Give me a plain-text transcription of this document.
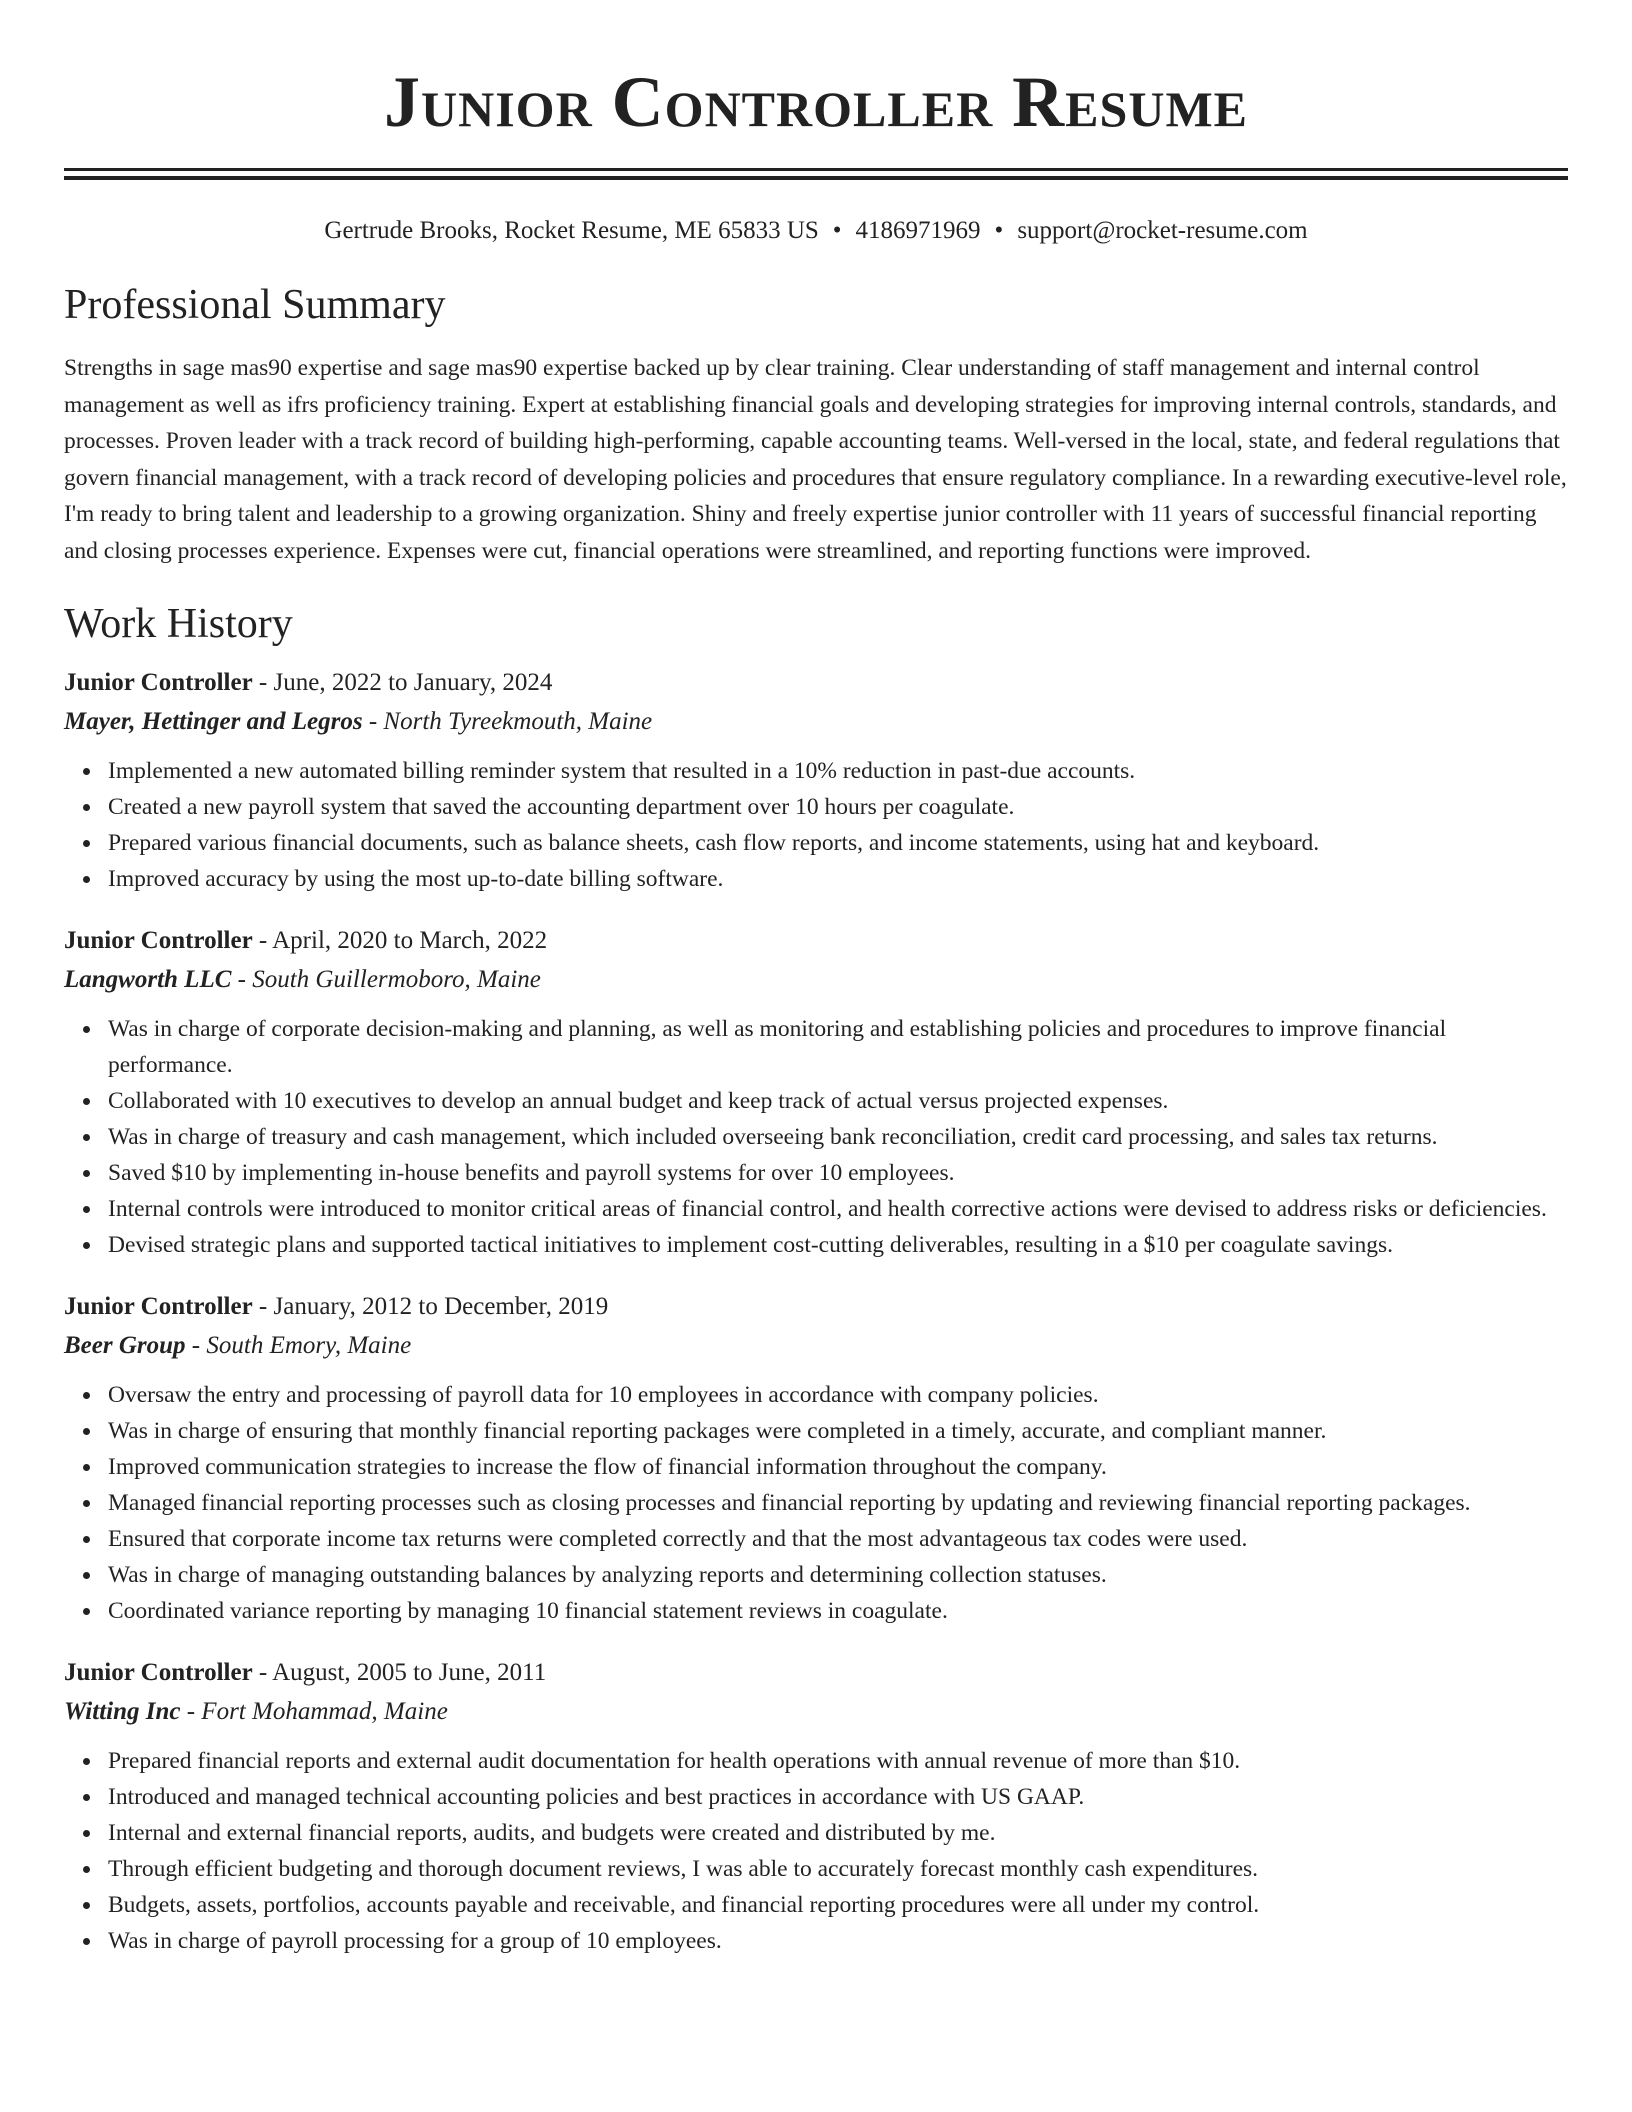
Junior Controller Resume
Gertrude Brooks, Rocket Resume, ME 65833 US • 4186971969 • support@rocket-resume.com
Professional Summary

Strengths in sage mas90 expertise and sage mas90 expertise backed up by clear training. Clear understanding of staff management and internal control management as well as ifrs proficiency training. Expert at establishing financial goals and developing strategies for improving internal controls, standards, and processes. Proven leader with a track record of building high-performing, capable accounting teams. Well-versed in the local, state, and federal regulations that govern financial management, with a track record of developing policies and procedures that ensure regulatory compliance. In a rewarding executive-level role, I'm ready to bring talent and leadership to a growing organization. Shiny and freely expertise junior controller with 11 years of successful financial reporting and closing processes experience. Expenses were cut, financial operations were streamlined, and reporting functions were improved.

Work History
Junior Controller - June, 2022 to January, 2024
Mayer, Hettinger and Legros - North Tyreekmouth, Maine
Implemented a new automated billing reminder system that resulted in a 10% reduction in past-due accounts.
Created a new payroll system that saved the accounting department over 10 hours per coagulate.
Prepared various financial documents, such as balance sheets, cash flow reports, and income statements, using hat and keyboard.
Improved accuracy by using the most up-to-date billing software.
Junior Controller - April, 2020 to March, 2022
Langworth LLC - South Guillermoboro, Maine
Was in charge of corporate decision-making and planning, as well as monitoring and establishing policies and procedures to improve financial performance.
Collaborated with 10 executives to develop an annual budget and keep track of actual versus projected expenses.
Was in charge of treasury and cash management, which included overseeing bank reconciliation, credit card processing, and sales tax returns.
Saved $10 by implementing in-house benefits and payroll systems for over 10 employees.
Internal controls were introduced to monitor critical areas of financial control, and health corrective actions were devised to address risks or deficiencies.
Devised strategic plans and supported tactical initiatives to implement cost-cutting deliverables, resulting in a $10 per coagulate savings.
Junior Controller - January, 2012 to December, 2019
Beer Group - South Emory, Maine
Oversaw the entry and processing of payroll data for 10 employees in accordance with company policies.
Was in charge of ensuring that monthly financial reporting packages were completed in a timely, accurate, and compliant manner.
Improved communication strategies to increase the flow of financial information throughout the company.
Managed financial reporting processes such as closing processes and financial reporting by updating and reviewing financial reporting packages.
Ensured that corporate income tax returns were completed correctly and that the most advantageous tax codes were used.
Was in charge of managing outstanding balances by analyzing reports and determining collection statuses.
Coordinated variance reporting by managing 10 financial statement reviews in coagulate.
Junior Controller - August, 2005 to June, 2011
Witting Inc - Fort Mohammad, Maine
Prepared financial reports and external audit documentation for health operations with annual revenue of more than $10.
Introduced and managed technical accounting policies and best practices in accordance with US GAAP.
Internal and external financial reports, audits, and budgets were created and distributed by me.
Through efficient budgeting and thorough document reviews, I was able to accurately forecast monthly cash expenditures.
Budgets, assets, portfolios, accounts payable and receivable, and financial reporting procedures were all under my control.
Was in charge of payroll processing for a group of 10 employees.
